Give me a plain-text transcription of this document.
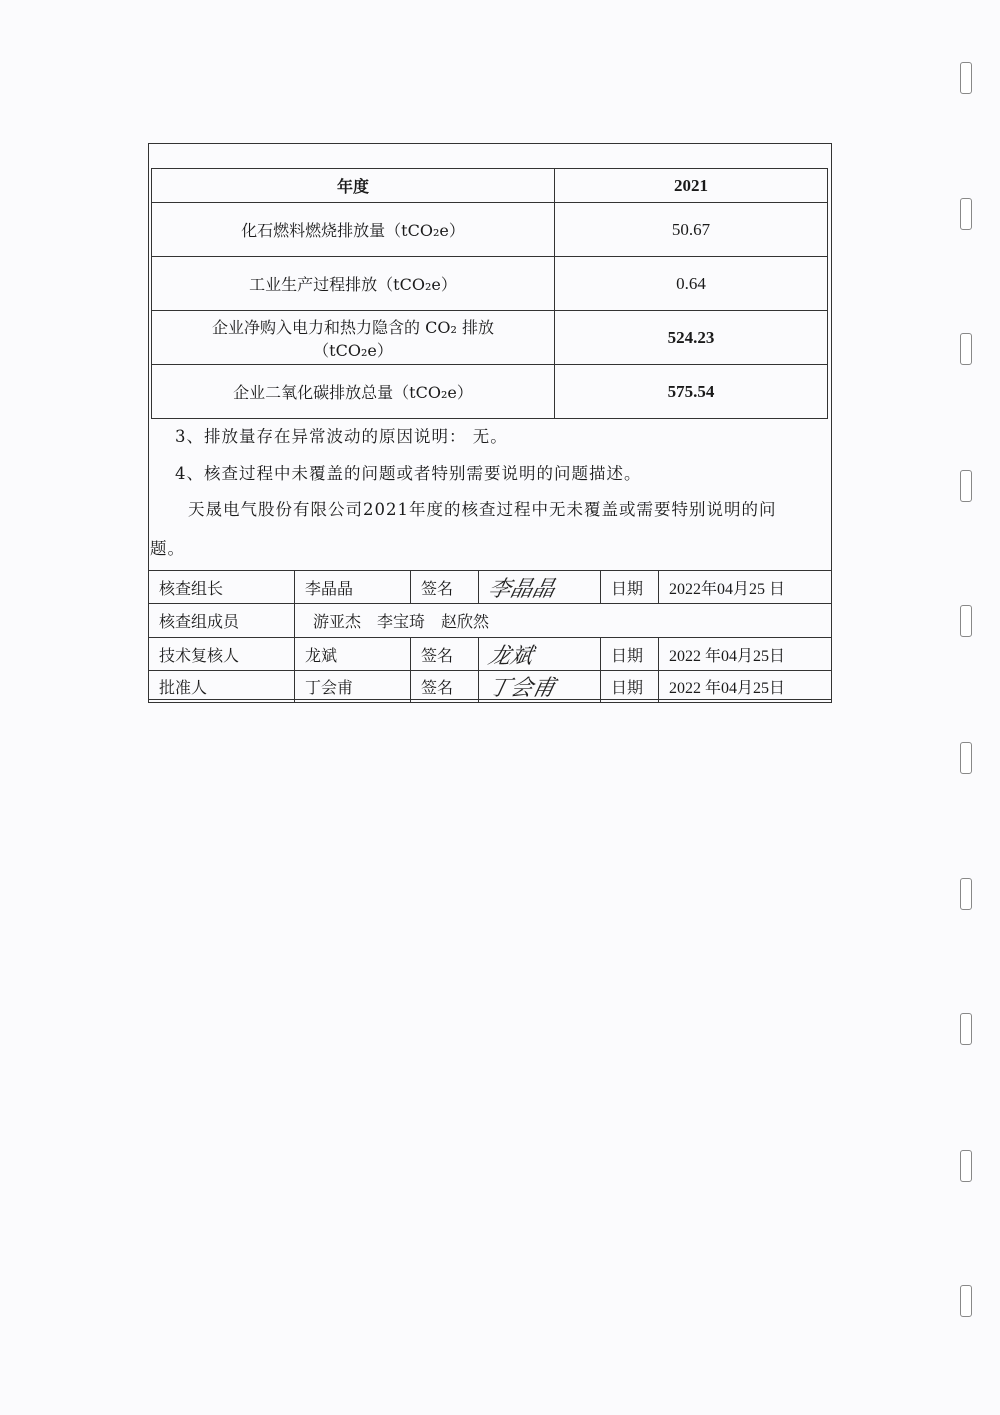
年度	2021
化石燃料燃烧排放量（tCO₂e）	50.67
工业生产过程排放（tCO₂e）	0.64

企业净购入电力和热力隐含的 CO₂ 排放
（tCO₂e）	524.23
企业二氧化碳排放总量（tCO₂e）	575.54
3、排放量存在异常波动的原因说明： 无。
4、核查过程中未覆盖的问题或者特别需要说明的问题描述。
天晟电气股份有限公司2021年度的核查过程中无未覆盖或需要特别说明的问
题。
核查组长	李晶晶	签名	李晶晶	日期	2022年04月25 日
核查组成员	游亚杰　李宝琦　赵欣然				
技术复核人	龙斌	签名	龙斌	日期	2022 年04月25日
批准人	丁会甫	签名	丁会甫	日期	2022 年04月25日
